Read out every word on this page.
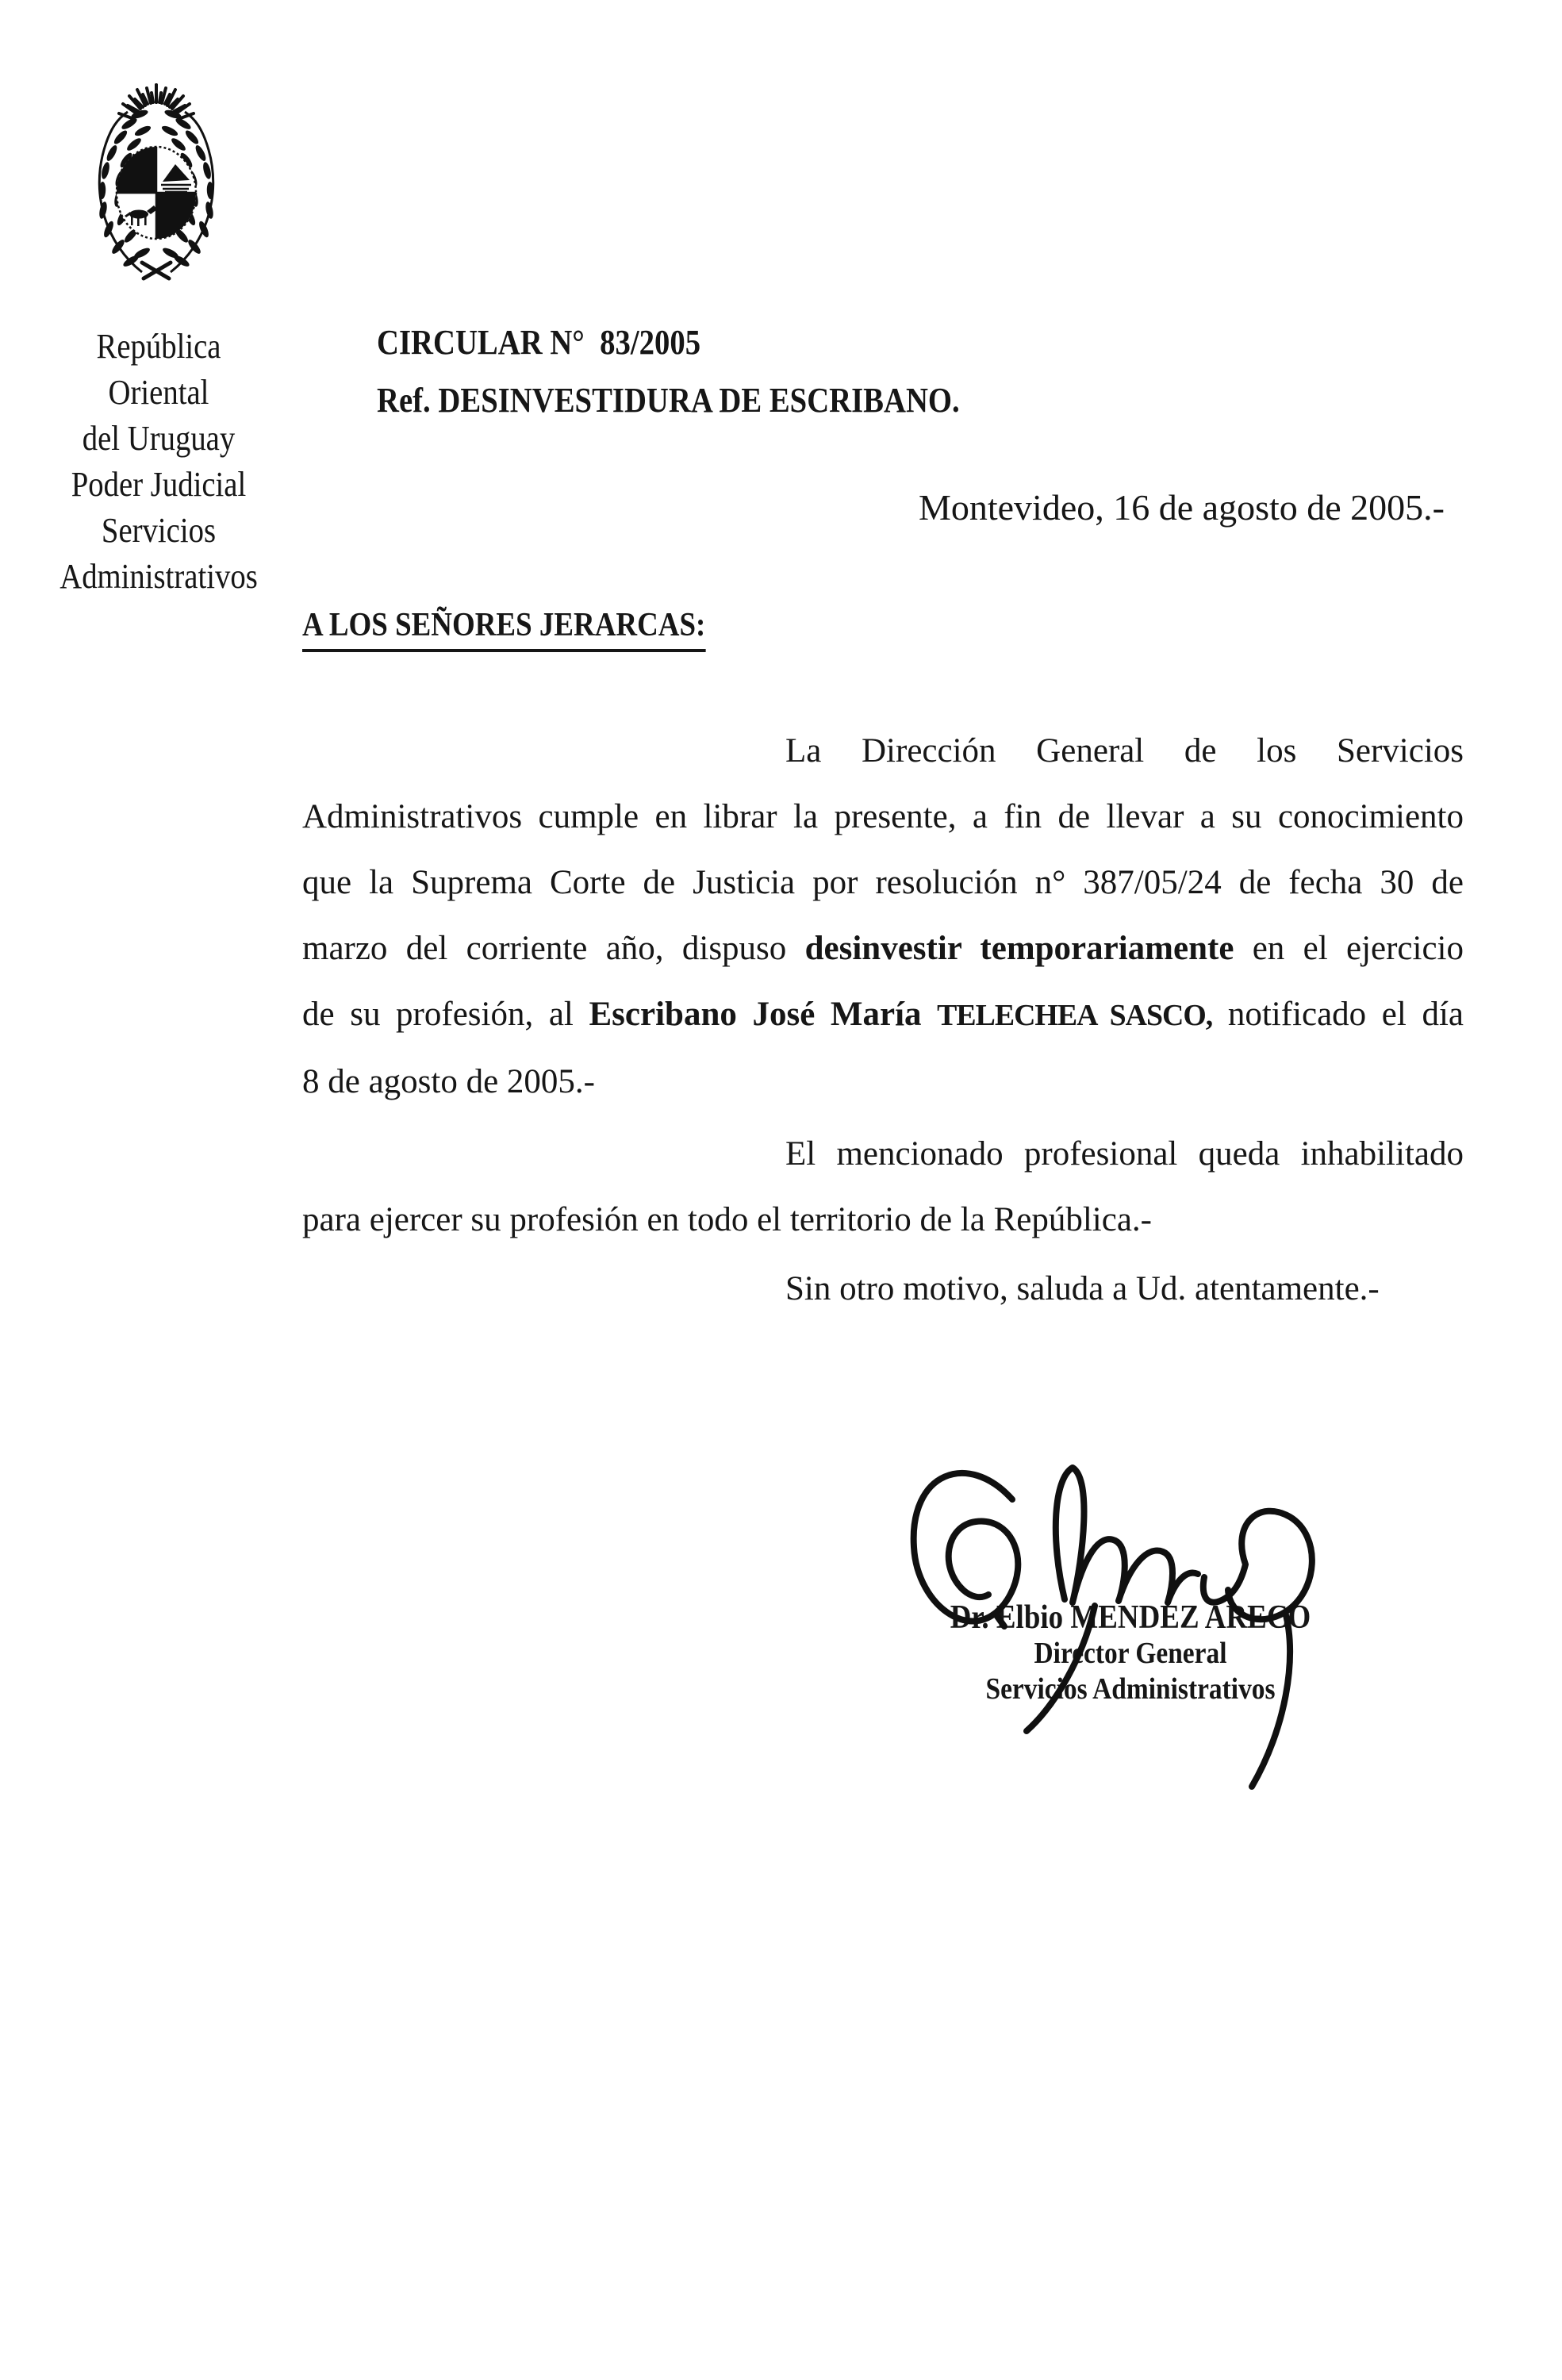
República
Oriental
del Uruguay
Poder Judicial
Servicios
Administrativos
CIRCULAR N°  83/2005
Ref. DESINVESTIDURA DE ESCRIBANO.
Montevideo, 16 de agosto de 2005.-
A LOS SEÑORES JERARCAS:
La Dirección General de los Servicios
Administrativos cumple en librar la presente, a fin de llevar a su conocimiento
que la Suprema Corte de Justicia por resolución n° 387/05/24 de fecha 30 de
marzo del corriente año, dispuso desinvestir temporariamente en el ejercicio
de su profesión, al Escribano José María TELECHEA SASCO, notificado el día
8 de agosto de 2005.-
El mencionado profesional queda inhabilitado
para ejercer su profesión en todo el territorio de la República.-
Sin otro motivo, saluda a Ud. atentamente.-
Dr. Elbio MENDEZ ARECO
Director General
Servicios Administrativos
